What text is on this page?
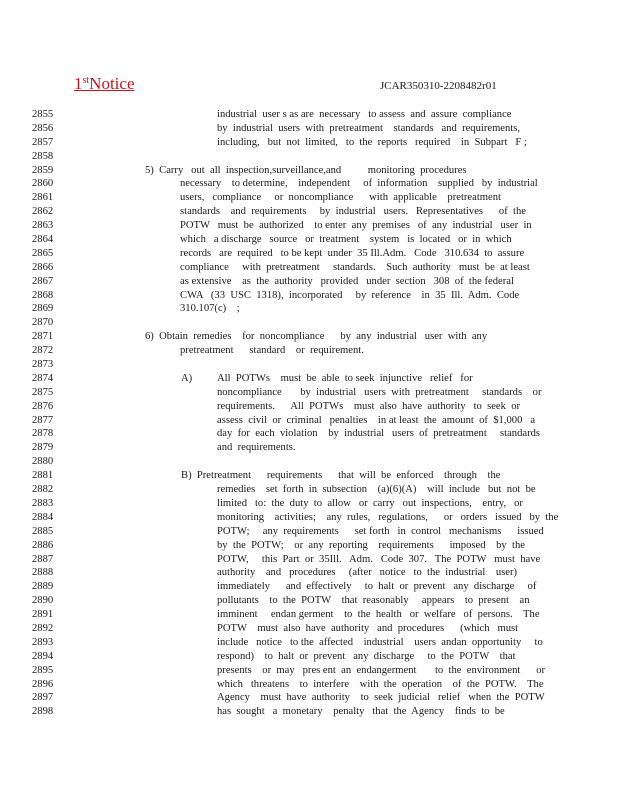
1stNotice	JCAR350310-2208482r01
2855	industrial  user s as are  necessary   to assess  and  assure  compliance
2856	by  industrial  users  with  pretreatment    standards   and  requirements,
2857	including,   but  not  limited,   to  the  reports   required    in  Subpart   F ;
2858
2859	5)  Carry   out  all  inspection,surveillance,and          monitoring  procedures
2860	necessary    to determine,    independent     of  information    supplied   by  industrial
2861	users,   compliance     or  noncompliance      with  applicable    pretreatment
2862	standards    and  requirements     by  industrial   users.   Representatives      of  the
2863	POTW   must  be  authorized    to enter  any  premises   of  any  industrial   user  in
2864	which   a discharge   source   or  treatment    system   is  located   or  in  which
2865	records   are  required   to be kept  under  35 Ill.Adm.   Code   310.634  to  assure
2866	compliance     with  pretreatment     standards.    Such  authority   must  be  at least
2867	as extensive    as  the  authority   provided   under  section   308  of  the federal
2868	CWA   (33  USC  1318),  incorporated     by  reference    in  35  Ill.  Adm.  Code
2869	310.107(c)    ;
2870
2871	6)  Obtain  remedies    for  noncompliance      by  any  industrial   user  with  any
2872	pretreatment      standard    or  requirement.
2873
2874	A) All  POTWs    must  be  able  to seek  injunctive   relief   for
2875	noncompliance       by  industrial   users  with  pretreatment     standards    or
2876	requirements.      All  POTWs    must  also  have  authority   to  seek  or
2877	assess  civil  or  criminal   penalties    in at least  the  amount  of  $1,000   a
2878	day  for  each  violation    by  industrial   users  of  pretreatment     standards
2879	and  requirements.
2880
2881	B)  Pretreatment      requirements      that  will  be  enforced    through    the
2882	remedies    set  forth  in  subsection    (a)(6)(A)    will  include   but  not  be
2883	limited   to:  the  duty  to  allow   or  carry   out  inspections,    entry,   or
2884	monitoring    activities;    any  rules,   regulations,      or   orders   issued   by  the
2885	POTW;     any  requirements      set forth   in  control   mechanisms      issued
2886	by  the  POTW;    or  any  reporting    requirements      imposed    by  the
2887	POTW,     this  Part  or  35Ill.   Adm.   Code  307.   The  POTW   must  have
2888	authority    and   procedures     (after   notice   to  the  industrial    user)
2889	immediately      and  effectively     to  halt  or  prevent   any  discharge     of
2890	pollutants    to  the  POTW    that  reasonably     appears    to  present    an
2891	imminent     endan germent    to  the  health   or  welfare   of  persons.    The
2892	POTW    must  also  have  authority   and  procedures      (which   must
2893	include   notice   to the  affected    industrial    users  andan  opportunity     to
2894	respond)    to  halt  or  prevent   any  discharge     to  the  POTW    that
2895	presents    or  may   pres ent  an  endangerment       to  the  environment      or
2896	which   threatens    to  interfere    with  the  operation    of  the  POTW.    The
2897	Agency    must  have  authority    to  seek  judicial   relief   when  the  POTW
2898	has  sought   a  monetary    penalty   that  the  Agency    finds  to  be
